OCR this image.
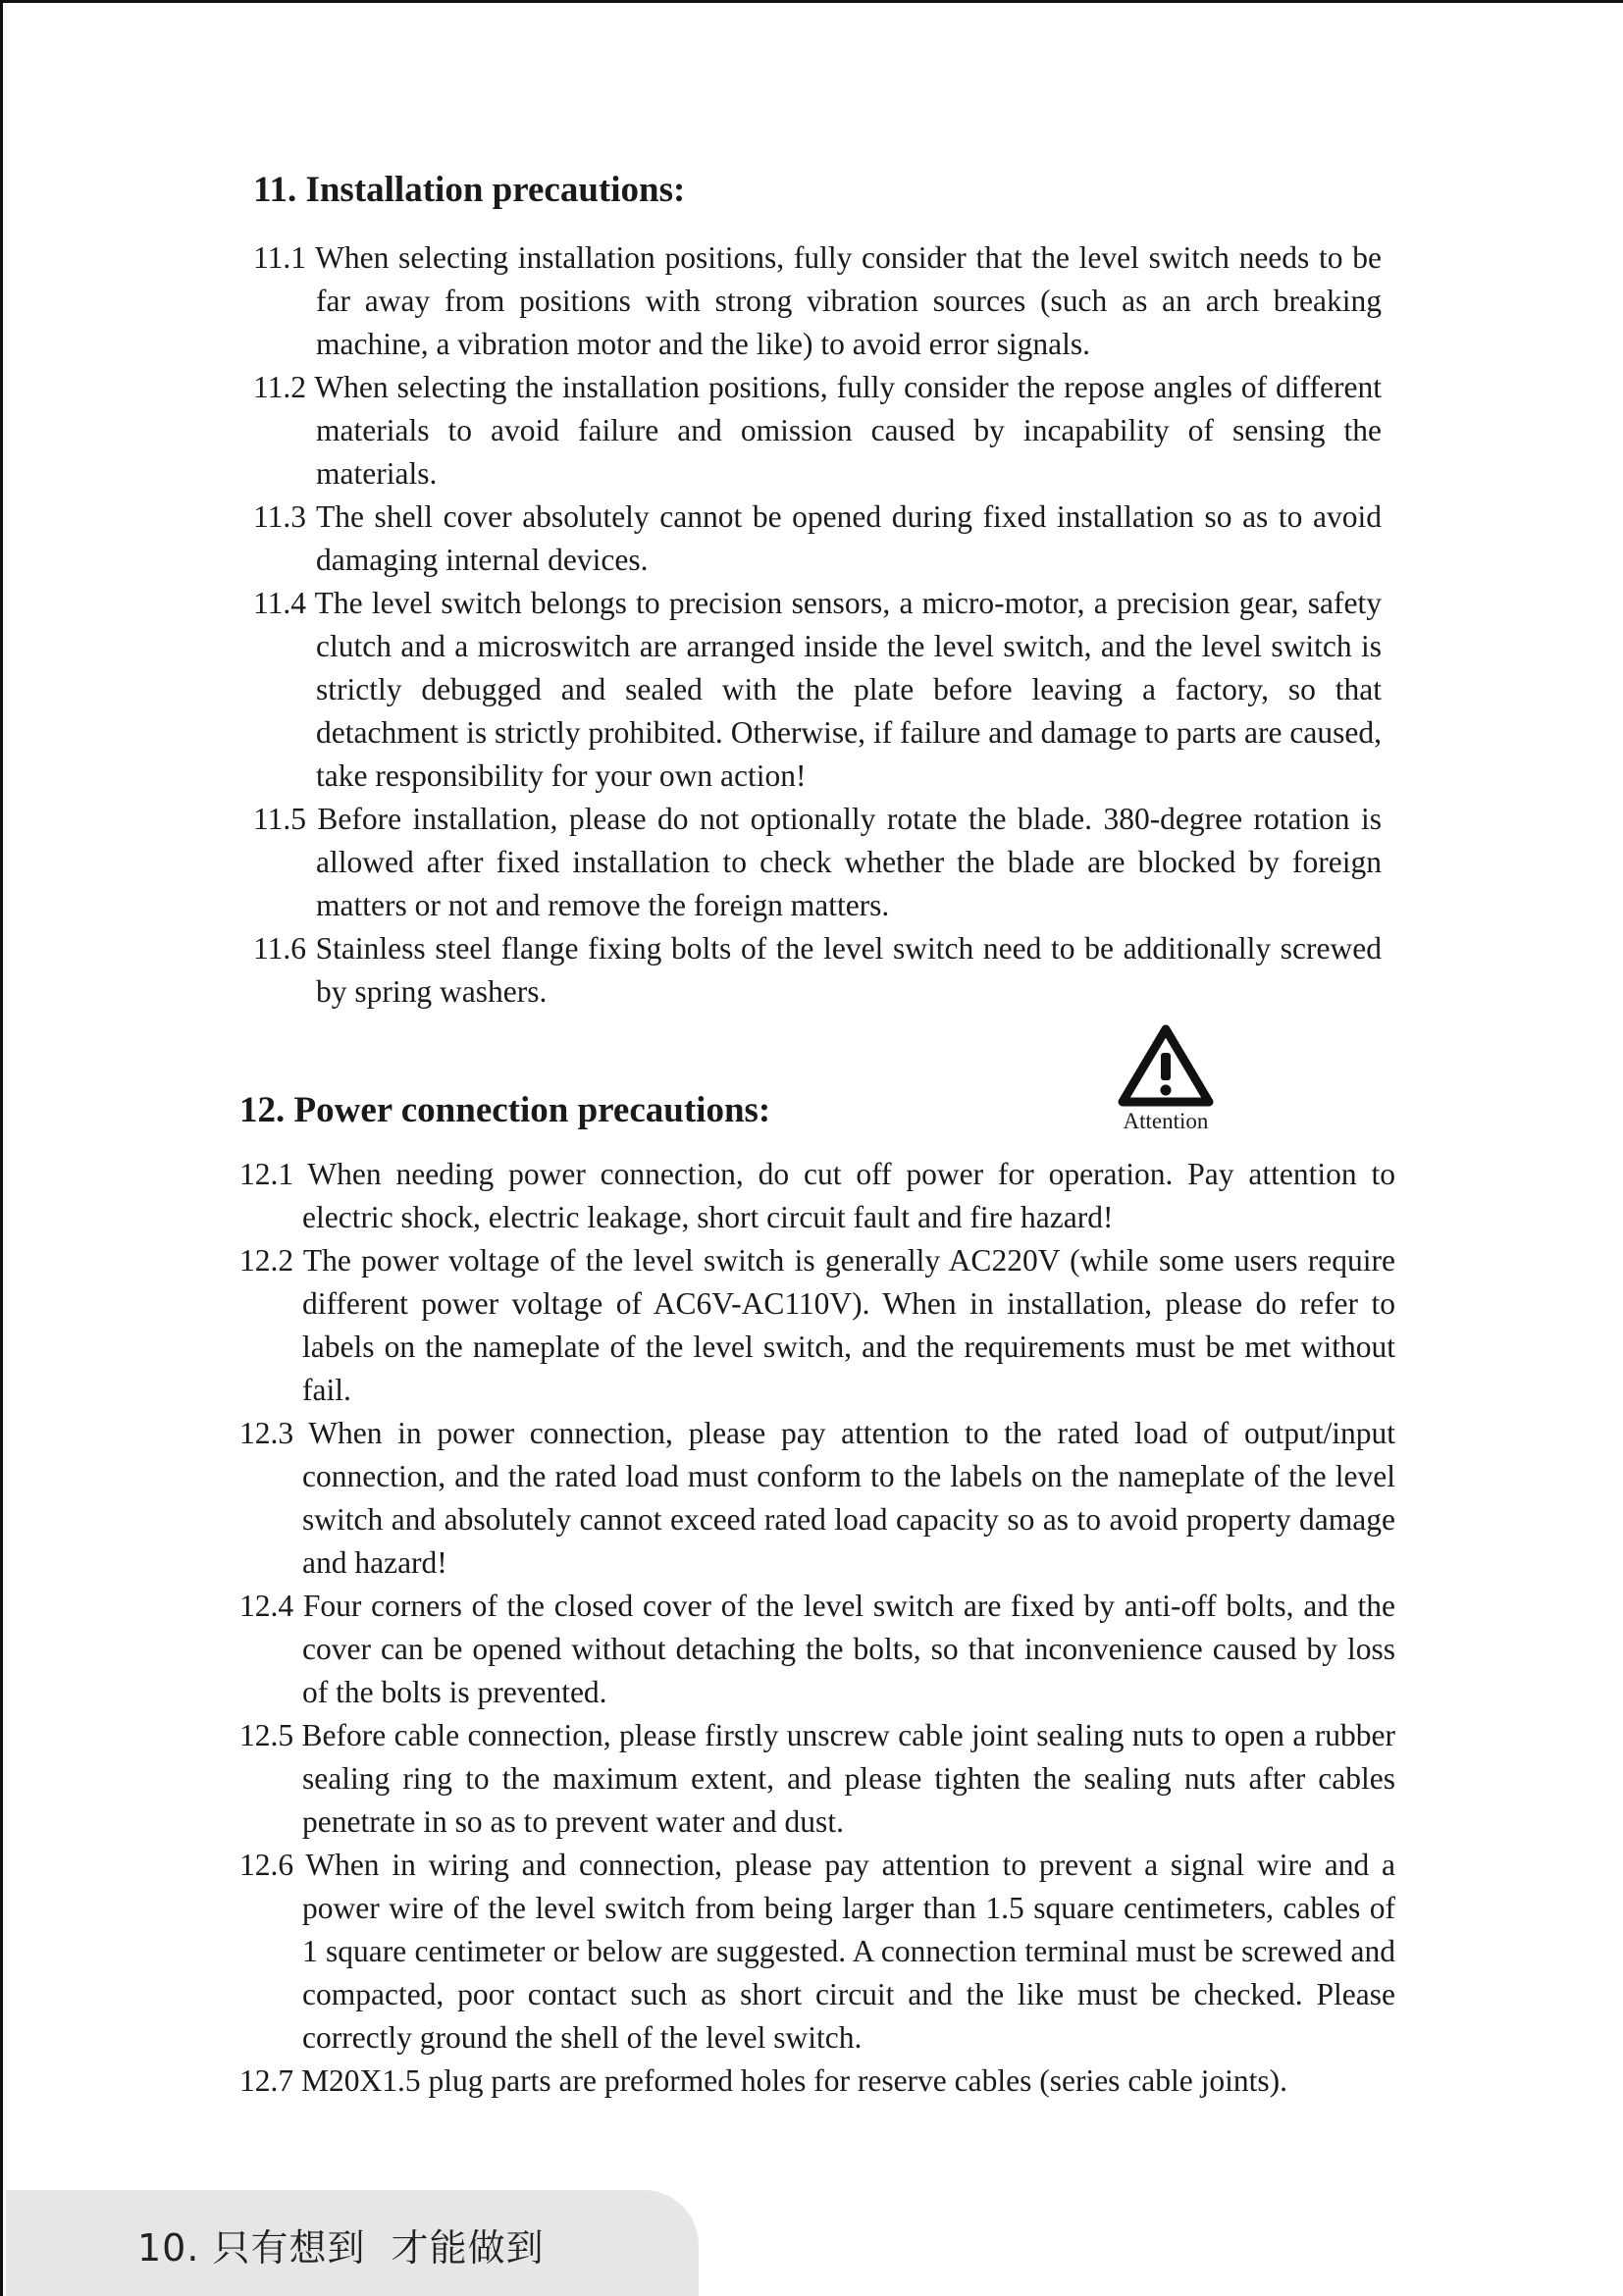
11. Installation precautions:

11.1 When selecting installation positions, fully consider that the level switch needs to be far away from positions with strong vibration sources (such as an arch breaking machine, a vibration motor and the like) to avoid error signals.

11.2 When selecting the installation positions, fully consider the repose angles of different materials to avoid failure and omission caused by incapability of sensing the materials.

11.3 The shell cover absolutely cannot be opened during fixed installation so as to avoid damaging internal devices.

11.4 The level switch belongs to precision sensors, a micro-motor, a precision gear, safety clutch and a microswitch are arranged inside the level switch, and the level switch is strictly debugged and sealed with the plate before leaving a factory, so that detachment is strictly prohibited. Otherwise, if failure and damage to parts are caused, take responsibility for your own action!

11.5 Before installation, please do not optionally rotate the blade. 380-degree rotation is allowed after fixed installation to check whether the blade are blocked by foreign matters or not and remove the foreign matters.

11.6 Stainless steel flange fixing bolts of the level switch need to be additionally screwed by spring washers.

Attention
12. Power connection precautions:

12.1 When needing power connection, do cut off power for operation. Pay attention to electric shock, electric leakage, short circuit fault and fire hazard!

12.2 The power voltage of the level switch is generally AC220V (while some users require different power voltage of AC6V-AC110V). When in installation, please do refer to labels on the nameplate of the level switch, and the requirements must be met without fail.

12.3 When in power connection, please pay attention to the rated load of output/input connection, and the rated load must conform to the labels on the nameplate of the level switch and absolutely cannot exceed rated load capacity so as to avoid property damage and hazard!

12.4 Four corners of the closed cover of the level switch are fixed by anti-off bolts, and the cover can be opened without detaching the bolts, so that inconvenience caused by loss of the bolts is prevented.

12.5 Before cable connection, please firstly unscrew cable joint sealing nuts to open a rubber sealing ring to the maximum extent, and please tighten the sealing nuts after cables penetrate in so as to prevent water and dust.

12.6 When in wiring and connection, please pay attention to prevent a signal wire and a power wire of the level switch from being larger than 1.5 square centimeters, cables of 1 square centimeter or below are suggested. A connection terminal must be screwed and compacted, poor contact such as short circuit and the like must be checked. Please correctly ground the shell of the level switch.

12.7 M20X1.5 plug parts are preformed holes for reserve cables (series cable joints).

10. 只有想到  才能做到
